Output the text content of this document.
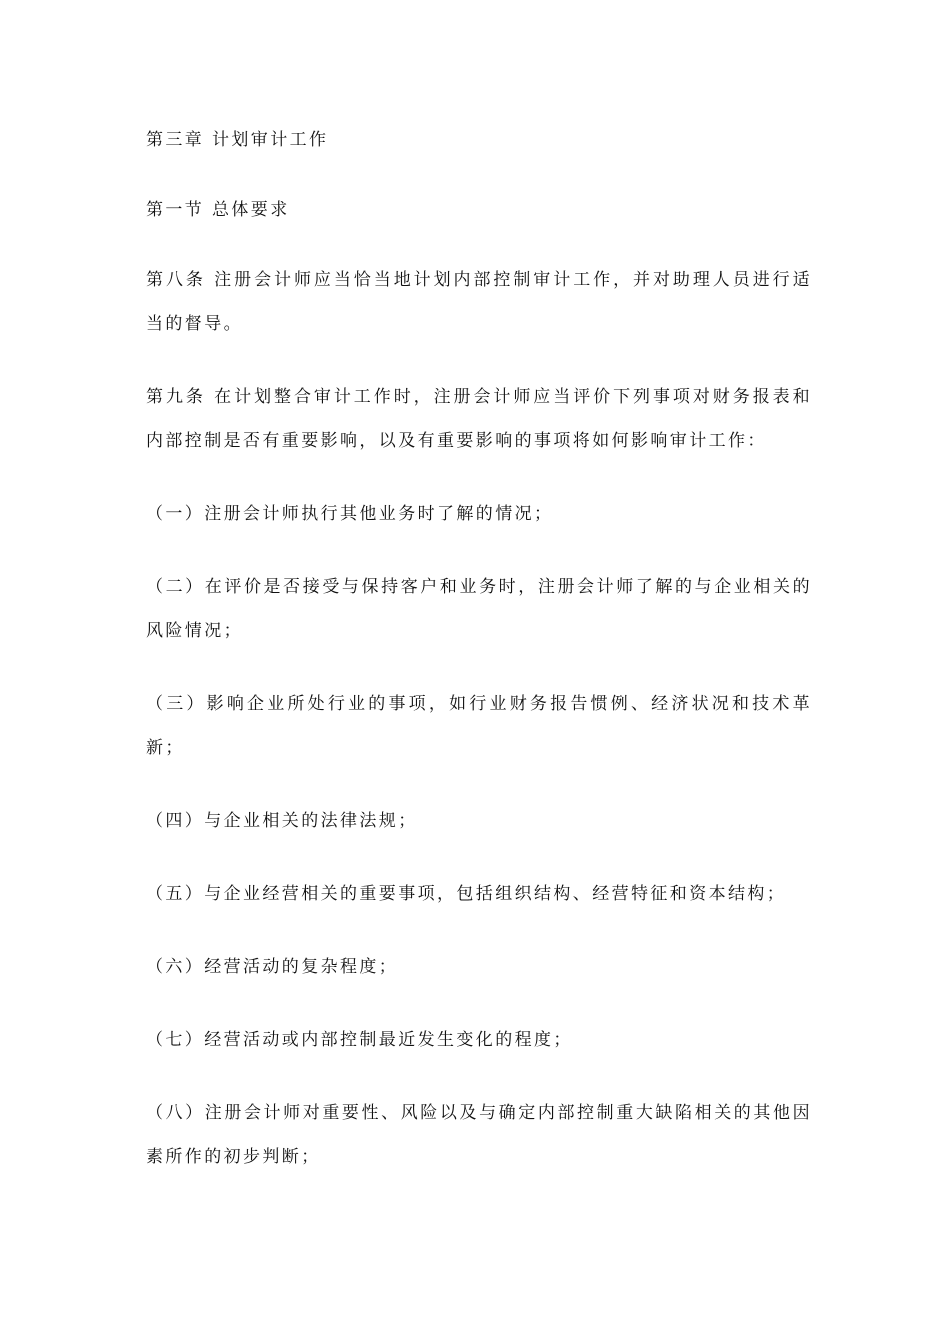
第三章 计划审计工作

第一节 总体要求

第八条 注册会计师应当恰当地计划内部控制审计工作，并对助理人员进行适当的督导。

第九条 在计划整合审计工作时，注册会计师应当评价下列事项对财务报表和内部控制是否有重要影响，以及有重要影响的事项将如何影响审计工作：

（一）注册会计师执行其他业务时了解的情况；

（二）在评价是否接受与保持客户和业务时，注册会计师了解的与企业相关的风险情况；

（三）影响企业所处行业的事项，如行业财务报告惯例、经济状况和技术革新；

（四）与企业相关的法律法规；

（五）与企业经营相关的重要事项，包括组织结构、经营特征和资本结构；

（六）经营活动的复杂程度；

（七）经营活动或内部控制最近发生变化的程度；

（八）注册会计师对重要性、风险以及与确定内部控制重大缺陷相关的其他因素所作的初步判断；
